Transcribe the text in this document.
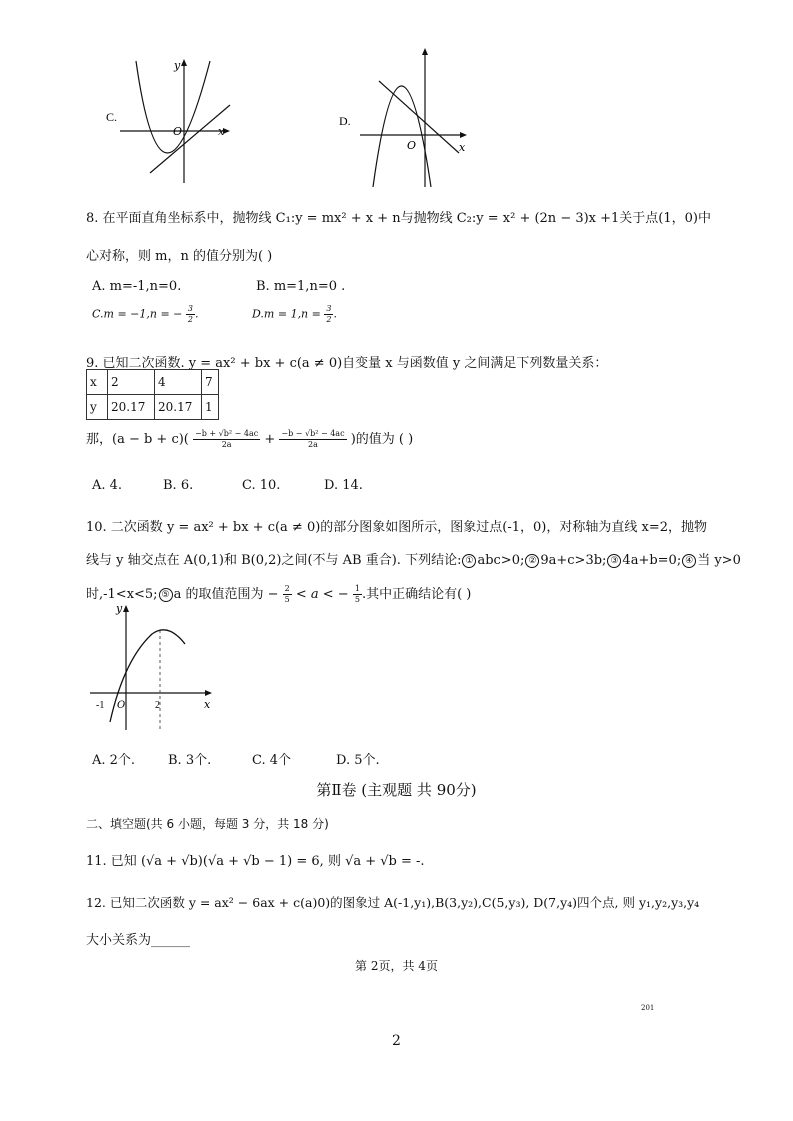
C.
y
O	x
D.
O	x
8. 在平面直角坐标系中，抛物线 C₁:y = mx² + x + n与抛物线 C₂:y = x² + (2n − 3)x +1关于点(1，0)中
心对称，则 m，n 的值分别为( )
A. m=-1,n=0.	B. m=1,n=0 .
C.m = −1,n = − $\frac{3}{2}$ .	$D.m = 1,n = \frac{3}{2}$ .
9. 已知二次函数. y = ax² + bx + c(a ≠ 0)自变量 x 与函数值 y 之间满足下列数量关系：
x	2	4	7
y	20.17	20.17	1
那，$(a - b + c)( \frac{\text{−b + √b² − 4ac}}{2a} + \frac{\text{−b − √b² − 4ac}}{2a}$ )的值为 ( )
A. 4.	B. 6.	C. 10.	D. 14.
10. 二次函数 y = ax² + bx + c(a ≠ 0)的部分图象如图所示，图象过点(-1，0)，对称轴为直线 x=2，抛物
线与 y 轴交点在 A(0,1)和 B(0,2)之间(不与 AB 重合). 下列结论: ① abc>0; ② 9a+c>3b; ③ 4a+b=0; ④ 当 y>0
时,-1<x<5; ⑤ a 的取值范围为 − $\frac{2}{5} < a$ < − $\frac{1}{5}$ .其中正确结论有( )
y
-1 O	2	x
A. 2个.	B. 3个.	C. 4个	D. 5个.
第Ⅱ卷 (主观题 共 90分)
二、填空题(共 6 小题，每题 3 分，共 18 分)
11. 已知 (√a + √b)(√a + √b − 1) = 6, 则 √a + √b = -.
12. 已知二次函数 y = ax² − 6ax + c(a)0)的图象过 A(-1,y₁),B(3,y₂),C(5,y₃), D(7,y₄)四个点, 则 y₁,y₂,y₃,y₄
大小关系为______
第 2页，共 4页
201
2
